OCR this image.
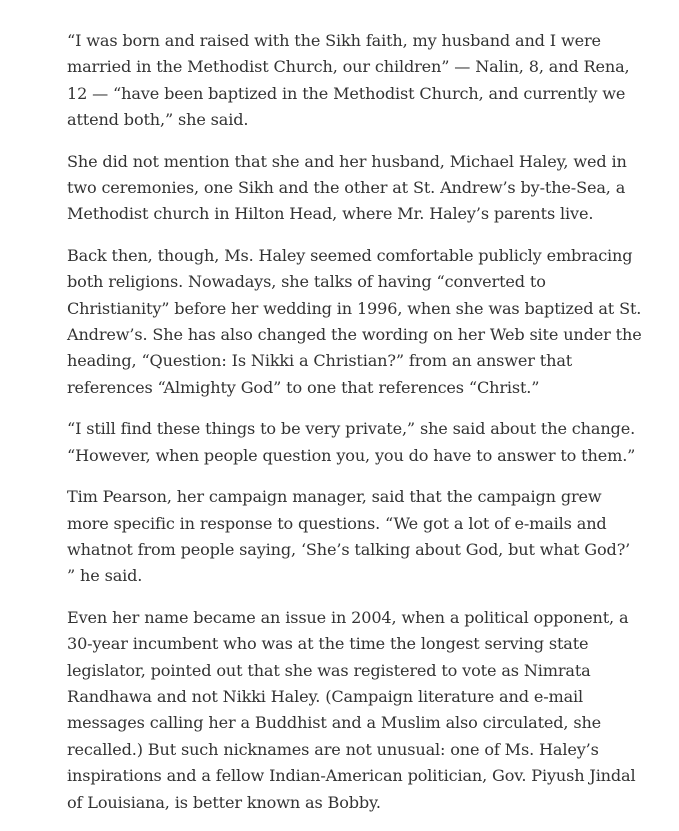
“I was born and raised with the Sikh faith, my husband and I were married in the Methodist Church, our children” — Nalin, 8, and Rena, 12 — “have been baptized in the Methodist Church, and currently we attend both,” she said.

She did not mention that she and her husband, Michael Haley, wed in two ceremonies, one Sikh and the other at St. Andrew’s by-the-Sea, a Methodist church in Hilton Head, where Mr. Haley’s parents live.

Back then, though, Ms. Haley seemed comfortable publicly embracing both religions. Nowadays, she talks of having “converted to Christianity” before her wedding in 1996, when she was baptized at St. Andrew’s. She has also changed the wording on her Web site under the heading, “Question: Is Nikki a Christian?” from an answer that references “Almighty God” to one that references “Christ.”

“I still find these things to be very private,” she said about the change. “However, when people question you, you do have to answer to them.”

Tim Pearson, her campaign manager, said that the campaign grew more specific in response to questions. “We got a lot of e-mails and whatnot from people saying, ‘She’s talking about God, but what God?’ ” he said.

Even her name became an issue in 2004, when a political opponent, a 30-year incumbent who was at the time the longest serving state legislator, pointed out that she was registered to vote as Nimrata Randhawa and not Nikki Haley. (Campaign literature and e-mail messages calling her a Buddhist and a Muslim also circulated, she recalled.) But such nicknames are not unusual: one of Ms. Haley’s inspirations and a fellow Indian-American politician, Gov. Piyush Jindal of Louisiana, is better known as Bobby.
